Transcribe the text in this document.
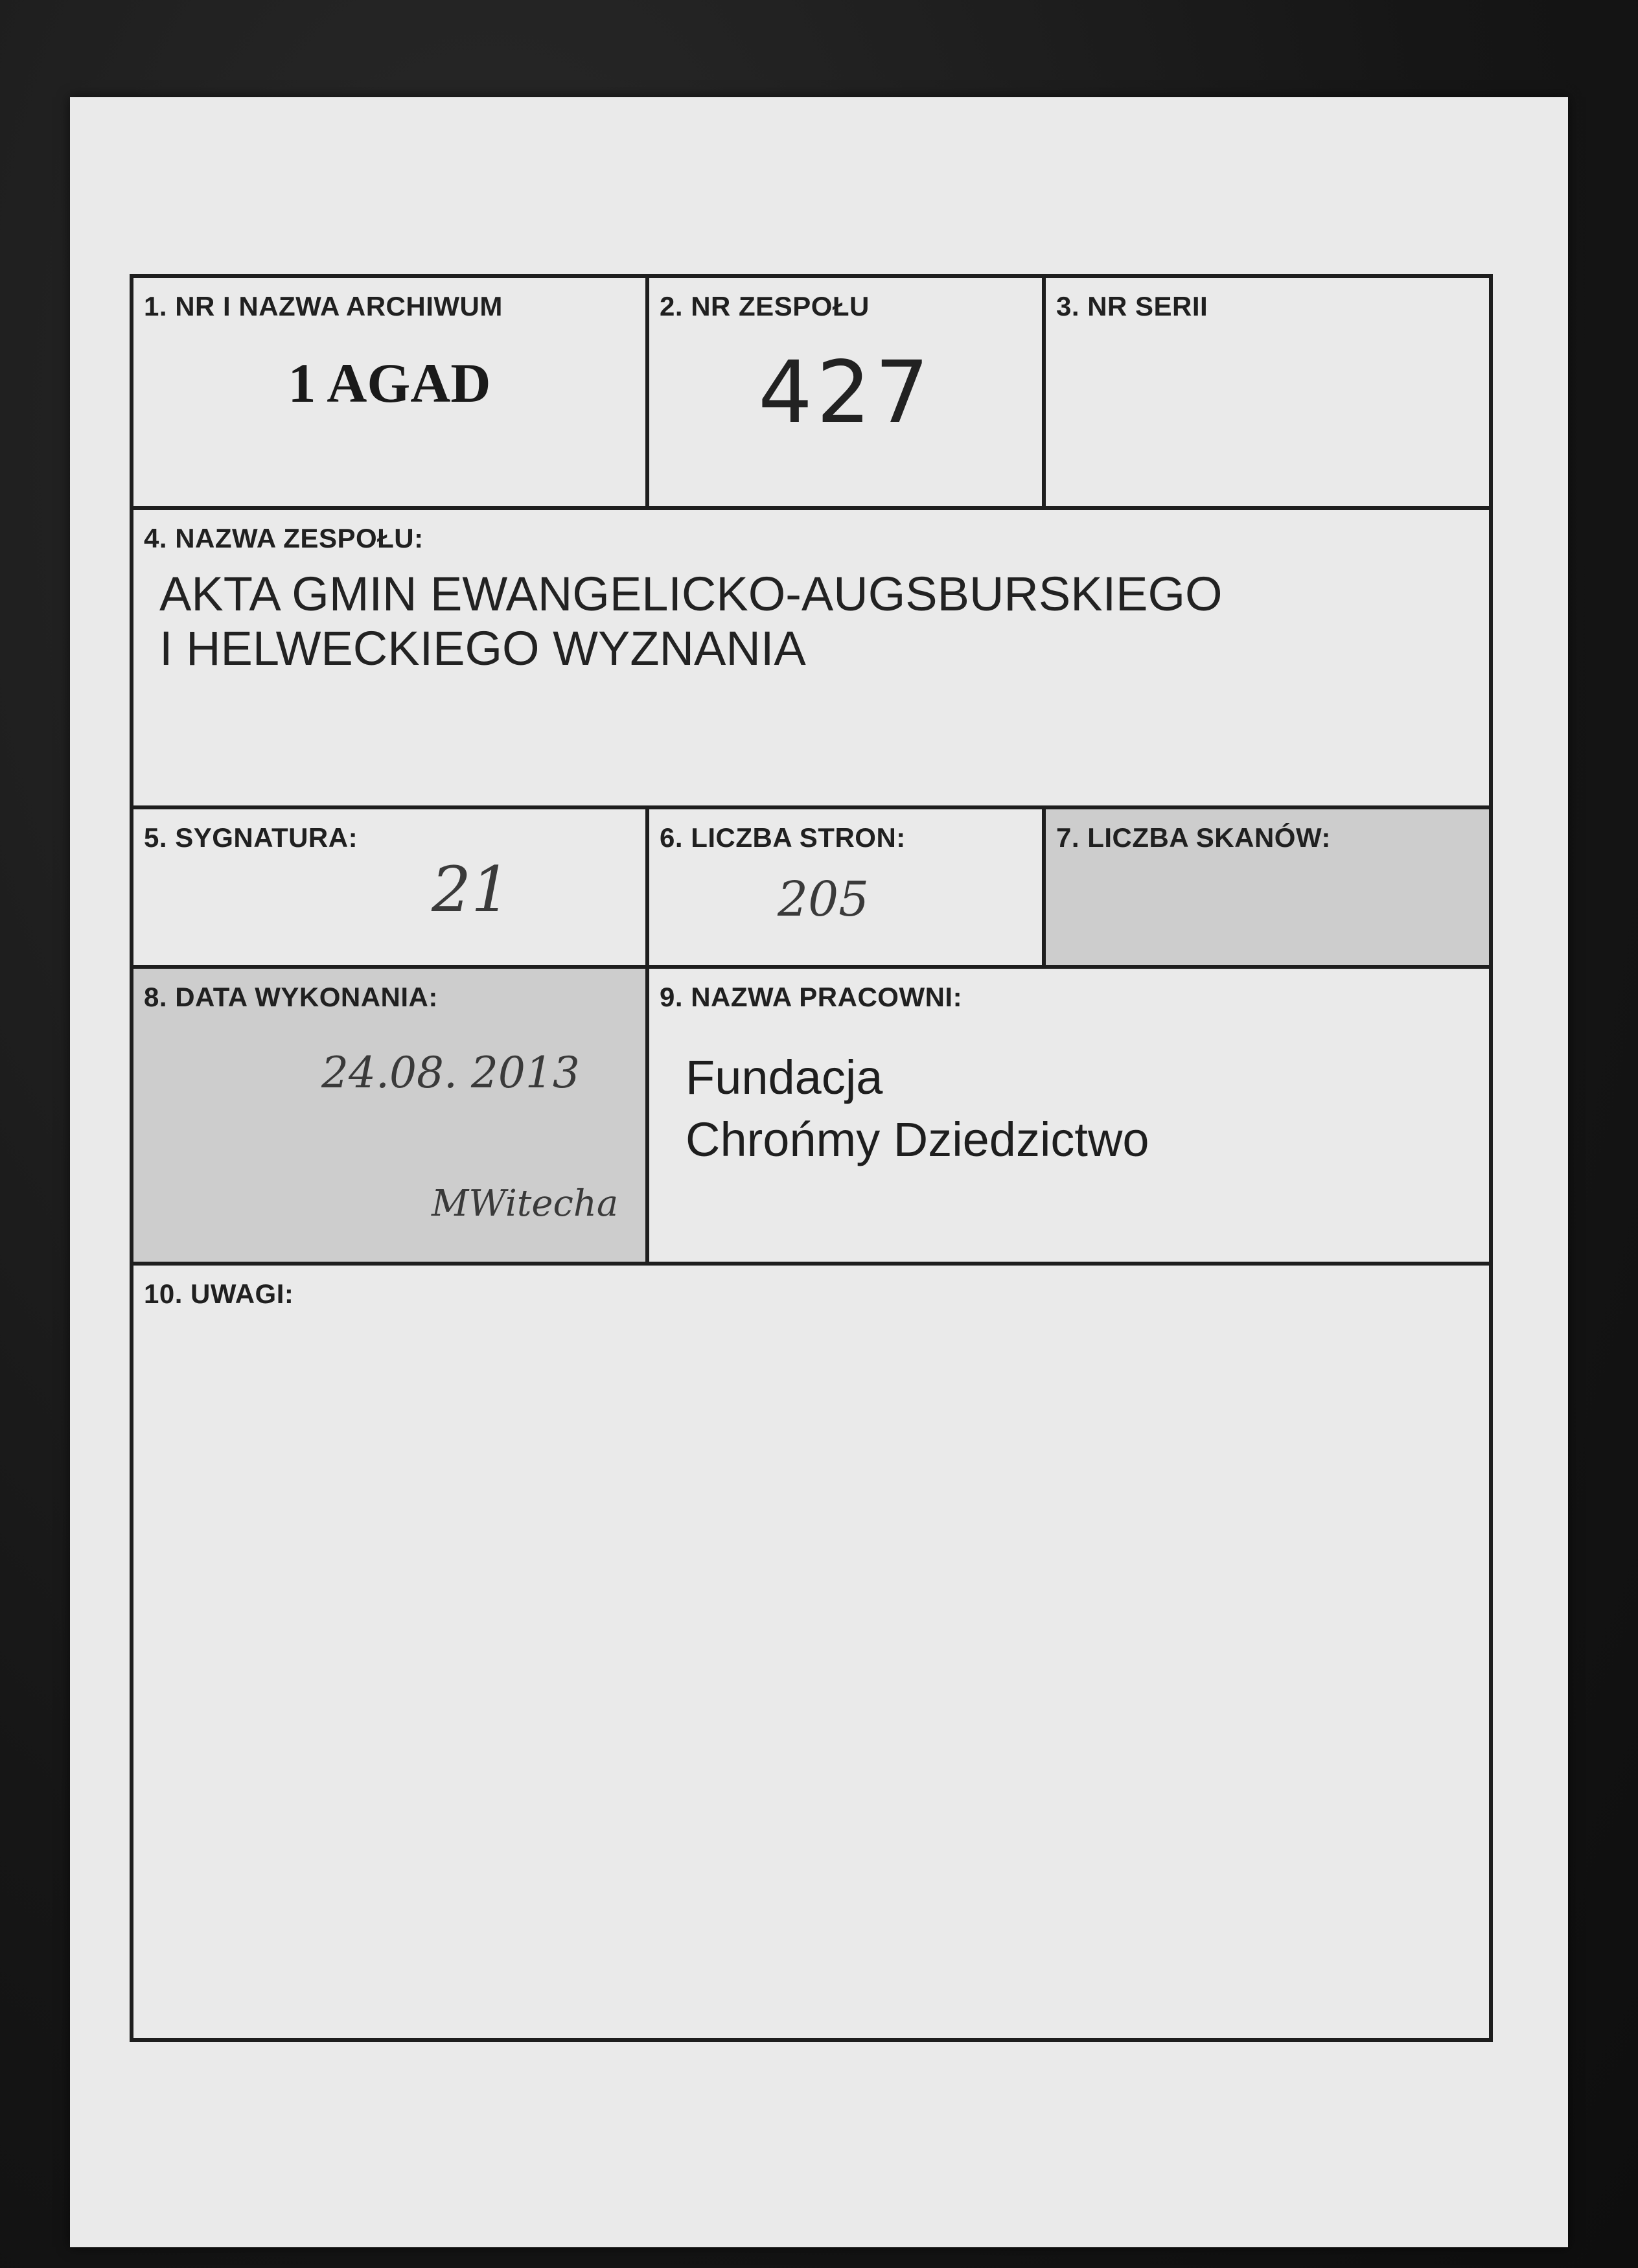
1. NR I NAZWA ARCHIWUM
1 AGAD
2. NR ZESPOŁU
427
3. NR SERII
4. NAZWA ZESPOŁU:
AKTA GMIN EWANGELICKO-AUGSBURSKIEGO
I HELWECKIEGO WYZNANIA
5. SYGNATURA:
21
6. LICZBA STRON:
205
7. LICZBA SKANÓW:
8. DATA WYKONANIA:
24.08. 2013
MWitecha
9. NAZWA PRACOWNI:
Fundacja
Chrońmy Dziedzictwo
10. UWAGI:
